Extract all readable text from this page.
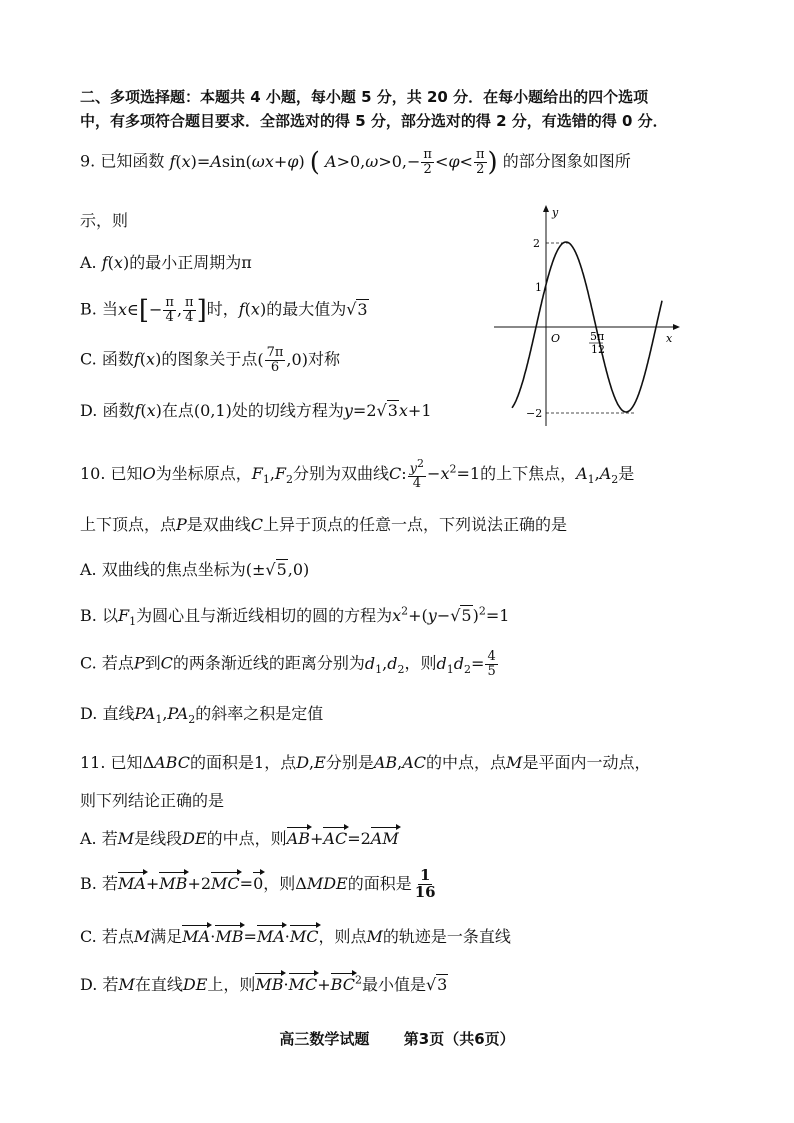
二、多项选择题：本题共 4 小题，每小题 5 分，共 20 分．在每小题给出的四个选项
中，有多项符合题目要求．全部选对的得 5 分，部分选对的得 2 分，有选错的得 0 分．
9. 已知函数 f(x)=Asin(ωx+φ) ( $A>0,\omega>0,- \frac{\pi}{2} <\varphi< \frac{\pi}{2}$ ) 的部分图象如图所
示，则
A. f(x)的最小正周期为π
B. 当x∈[− $\frac{\pi}{4}$ , $\frac{\pi}{4}$ ]时，f(x)的最大值为√3
C. 函数f(x)的图象关于点( $\frac{7\pi}{6} ,0$)对称
D. 函数f(x)在点(0,1)处的切线方程为y=2√3x+1
y
x
O
2
1
−2
5π
12
10. 已知O为坐标原点，$F_1,F_2$分别为双曲线C: $\frac{y^2}{4} -x^2=1$的上下焦点，$A_1,A_2$是
上下顶点，点P是双曲线C上异于顶点的任意一点，下列说法正确的是
A. 双曲线的焦点坐标为(±√5,0)
B. 以$F_1$为圆心且与渐近线相切的圆的方程为$x^2+(y-√5)^2=1$
C. 若点P到C的两条渐近线的距离分别为$d_1,d_2$，则$d_1d_2= \frac{4}{5}$
D. 直线$PA_1,PA_2$的斜率之积是定值
11. 已知ΔABC的面积是1，点D,E分别是AB,AC的中点，点M是平面内一动点，
则下列结论正确的是
A. 若M是线段DE的中点，则AB+AC=2AM
B. 若MA+MB+2MC=0，则ΔMDE的面积是 $\frac{1}{16}$
C. 若点M满足MA·MB=MA·MC，则点M的轨迹是一条直线
D. 若M在直线DE上，则$MB\cdot MC+BC^2$最小值是√3
高三数学试题 第3页（共6页）
